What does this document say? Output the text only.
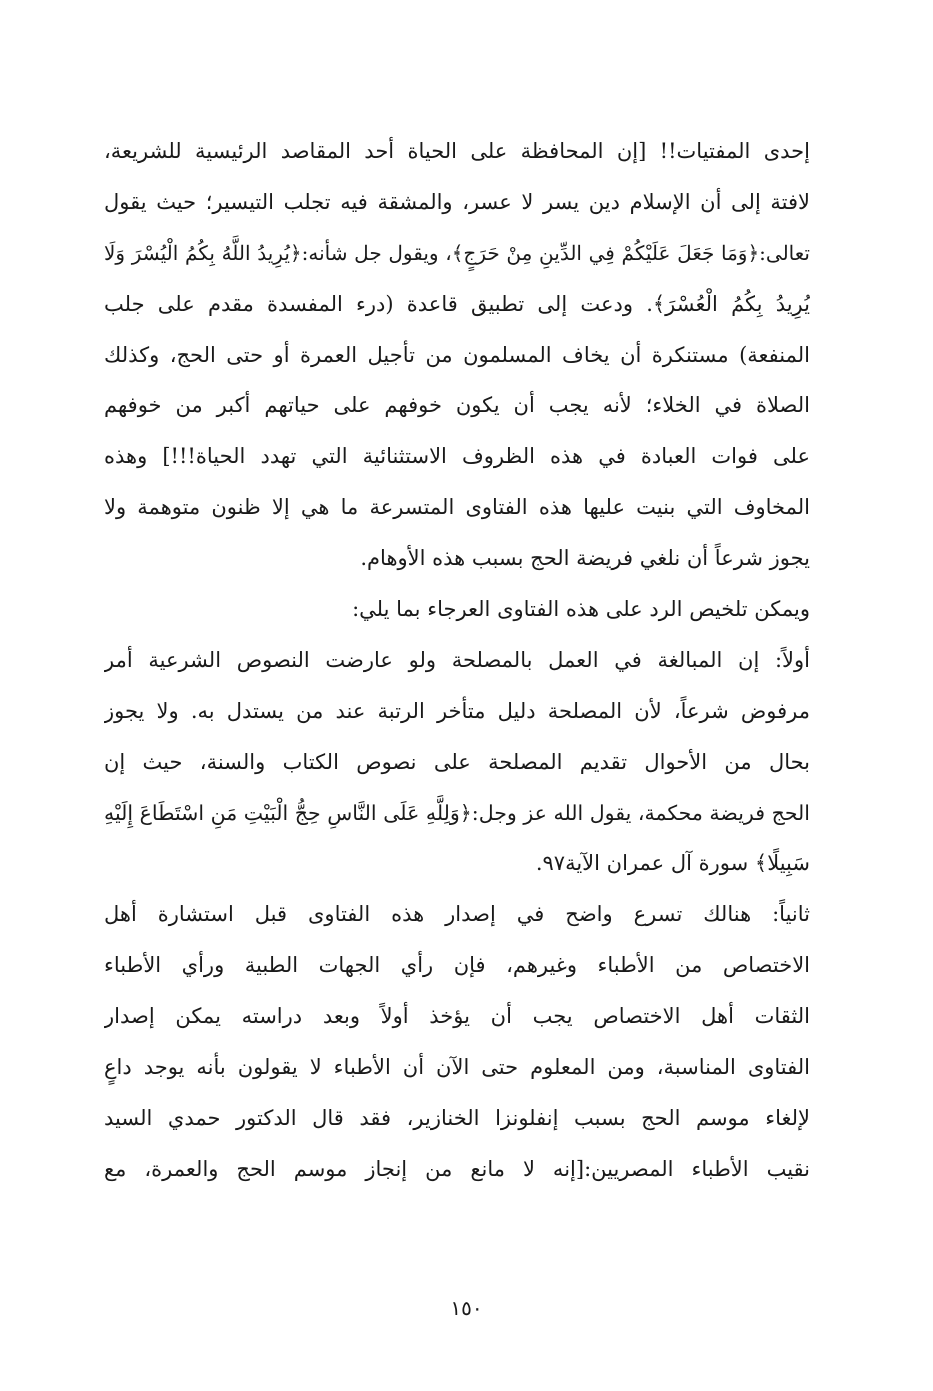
إحدى المفتيات!! [إن المحافظة على الحياة أحد المقاصد الرئيسية للشريعة،
لافتة إلى أن الإسلام دين يسر لا عسر، والمشقة فيه تجلب التيسير؛ حيث يقول
تعالى:﴿وَمَا جَعَلَ عَلَيْكُمْ فِي الدِّينِ مِنْ حَرَجٍ﴾، ويقول جل شأنه:﴿يُرِيدُ اللَّهُ بِكُمُ الْيُسْرَ وَلَا
يُرِيدُ بِكُمُ الْعُسْرَ﴾. ودعت إلى تطبيق قاعدة (درء المفسدة مقدم على جلب
المنفعة) مستنكرة أن يخاف المسلمون من تأجيل العمرة أو حتى الحج، وكذلك
الصلاة في الخلاء؛ لأنه يجب أن يكون خوفهم على حياتهم أكبر من خوفهم
على فوات العبادة في هذه الظروف الاستثنائية التي تهدد الحياة!!!] وهذه
المخاوف التي بنيت عليها هذه الفتاوى المتسرعة ما هي إلا ظنون متوهمة ولا
يجوز شرعاً أن نلغي فريضة الحج بسبب هذه الأوهام.
ويمكن تلخيص الرد على هذه الفتاوى العرجاء بما يلي:
أولاً: إن المبالغة في العمل بالمصلحة ولو عارضت النصوص الشرعية أمر
مرفوض شرعاً، لأن المصلحة دليل متأخر الرتبة عند من يستدل به. ولا يجوز
بحال من الأحوال تقديم المصلحة على نصوص الكتاب والسنة، حيث إن
الحج فريضة محكمة، يقول الله عز وجل:﴿وَلِلَّهِ عَلَى النَّاسِ حِجُّ الْبَيْتِ مَنِ اسْتَطَاعَ إِلَيْهِ
سَبِيلًا﴾ سورة آل عمران الآية٩٧.
ثانياً: هنالك تسرع واضح في إصدار هذه الفتاوى قبل استشارة أهل
الاختصاص من الأطباء وغيرهم، فإن رأي الجهات الطبية ورأي الأطباء
الثقات أهل الاختصاص يجب أن يؤخذ أولاً وبعد دراسته يمكن إصدار
الفتاوى المناسبة، ومن المعلوم حتى الآن أن الأطباء لا يقولون بأنه يوجد داعٍ
لإلغاء موسم الحج بسبب إنفلونزا الخنازير، فقد قال الدكتور حمدي السيد
نقيب الأطباء المصريين:[إنه لا مانع من إنجاز موسم الحج والعمرة، مع
١٥٠
